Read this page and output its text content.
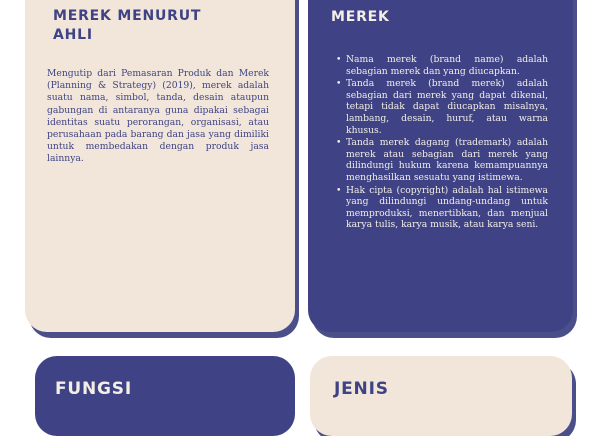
MEREK MENURUT AHLI
Mengutip dari Pemasaran Produk dan Merek (Planning & Strategy) (2019), merek adalah suatu nama, simbol, tanda, desain ataupun gabungan di antaranya guna dipakai sebagai identitas suatu perorangan, organisasi, atau perusahaan pada barang dan jasa yang dimiliki untuk membedakan dengan produk jasa lainnya.
MEREK
• Nama merek (brand name) adalah sebagian merek dan yang diucapkan.
• Tanda merek (brand merek) adalah sebagian dari merek yang dapat dikenal, tetapi tidak dapat diucapkan misalnya, lambang, desain, huruf, atau warna khusus.
• Tanda merek dagang (trademark) adalah merek atau sebagian dari merek yang dilindungi hukum karena kemampuannya menghasilkan sesuatu yang istimewa.
• Hak cipta (copyright) adalah hal istimewa yang dilindungi undang-undang untuk memproduksi, menertibkan, dan menjual karya tulis, karya musik, atau karya seni.
FUNGSI	JENIS
